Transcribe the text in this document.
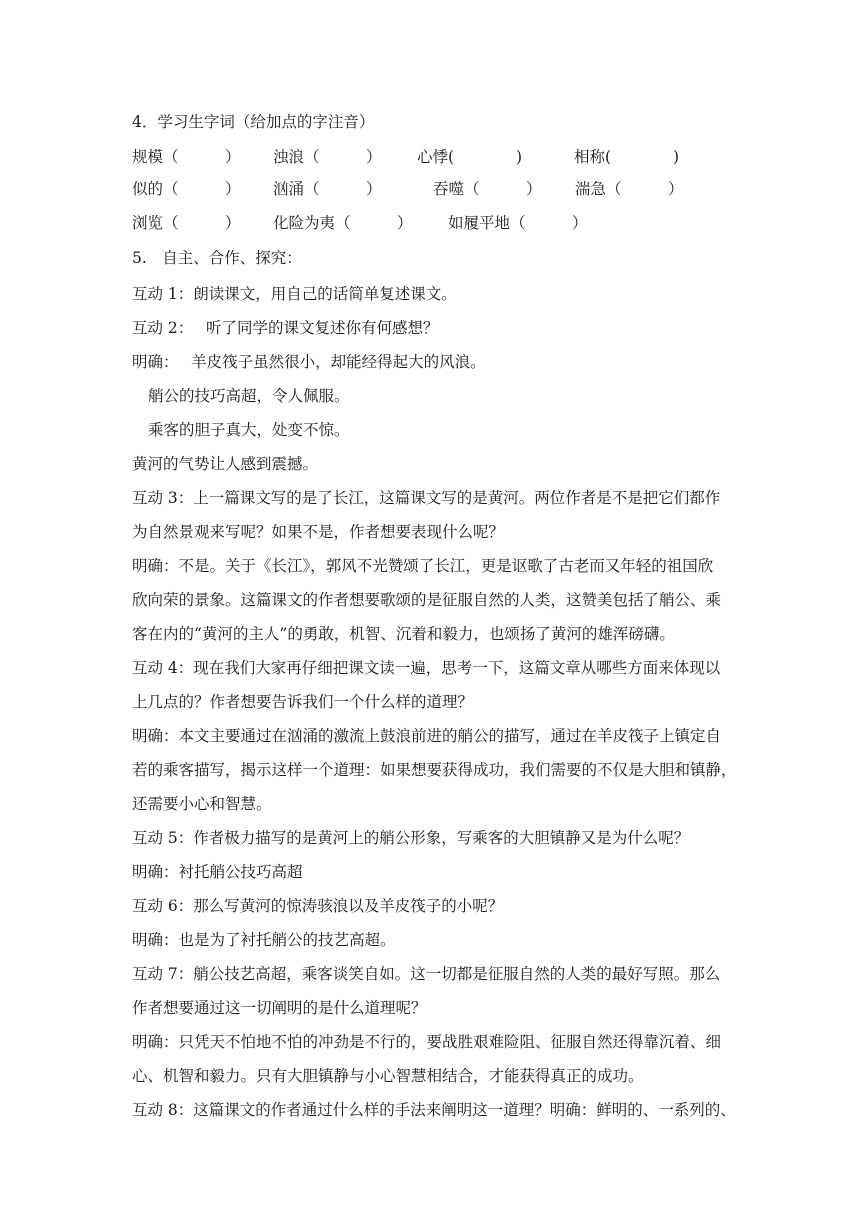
4．学习生字词（给加点的字注音）
规模（　　　） 浊浪（　　　） 心悸(　　　　)	相称(　　　　)
似的（　　　） 汹涌（　　　）	吞噬（　　　） 湍急（　　　）
浏览（　　　） 化险为夷（　　　） 如履平地（　　　）
5.　自主、合作、探究：
互动 1：朗读课文，用自己的话简单复述课文。
互动 2：　 听了同学的课文复述你有何感想？
明确：　 羊皮筏子虽然很小，却能经得起大的风浪。
艄公的技巧高超，令人佩服。
乘客的胆子真大，处变不惊。
黄河的气势让人感到震撼。
互动 3：上一篇课文写的是了长江，这篇课文写的是黄河。两位作者是不是把它们都作
为自然景观来写呢？如果不是，作者想要表现什么呢？
明确：不是。关于《长江》，郭风不光赞颂了长江，更是讴歌了古老而又年轻的祖国欣
欣向荣的景象。这篇课文的作者想要歌颂的是征服自然的人类，这赞美包括了艄公、乘
客在内的“黄河的主人”的勇敢，机智、沉着和毅力，也颂扬了黄河的雄浑磅礴。
互动 4：现在我们大家再仔细把课文读一遍，思考一下，这篇文章从哪些方面来体现以
上几点的？作者想要告诉我们一个什么样的道理？
明确：本文主要通过在汹涌的激流上鼓浪前进的艄公的描写，通过在羊皮筏子上镇定自
若的乘客描写，揭示这样一个道理：如果想要获得成功，我们需要的不仅是大胆和镇静，
还需要小心和智慧。
互动 5：作者极力描写的是黄河上的艄公形象，写乘客的大胆镇静又是为什么呢？
明确：衬托艄公技巧高超
互动 6：那么写黄河的惊涛骇浪以及羊皮筏子的小呢？
明确：也是为了衬托艄公的技艺高超。
互动 7：艄公技艺高超，乘客谈笑自如。这一切都是征服自然的人类的最好写照。那么
作者想要通过这一切阐明的是什么道理呢？
明确：只凭天不怕地不怕的冲劲是不行的，要战胜艰难险阻、征服自然还得靠沉着、细
心、机智和毅力。只有大胆镇静与小心智慧相结合，才能获得真正的成功。
互动 8：这篇课文的作者通过什么样的手法来阐明这一道理？明确：鲜明的、一系列的、
